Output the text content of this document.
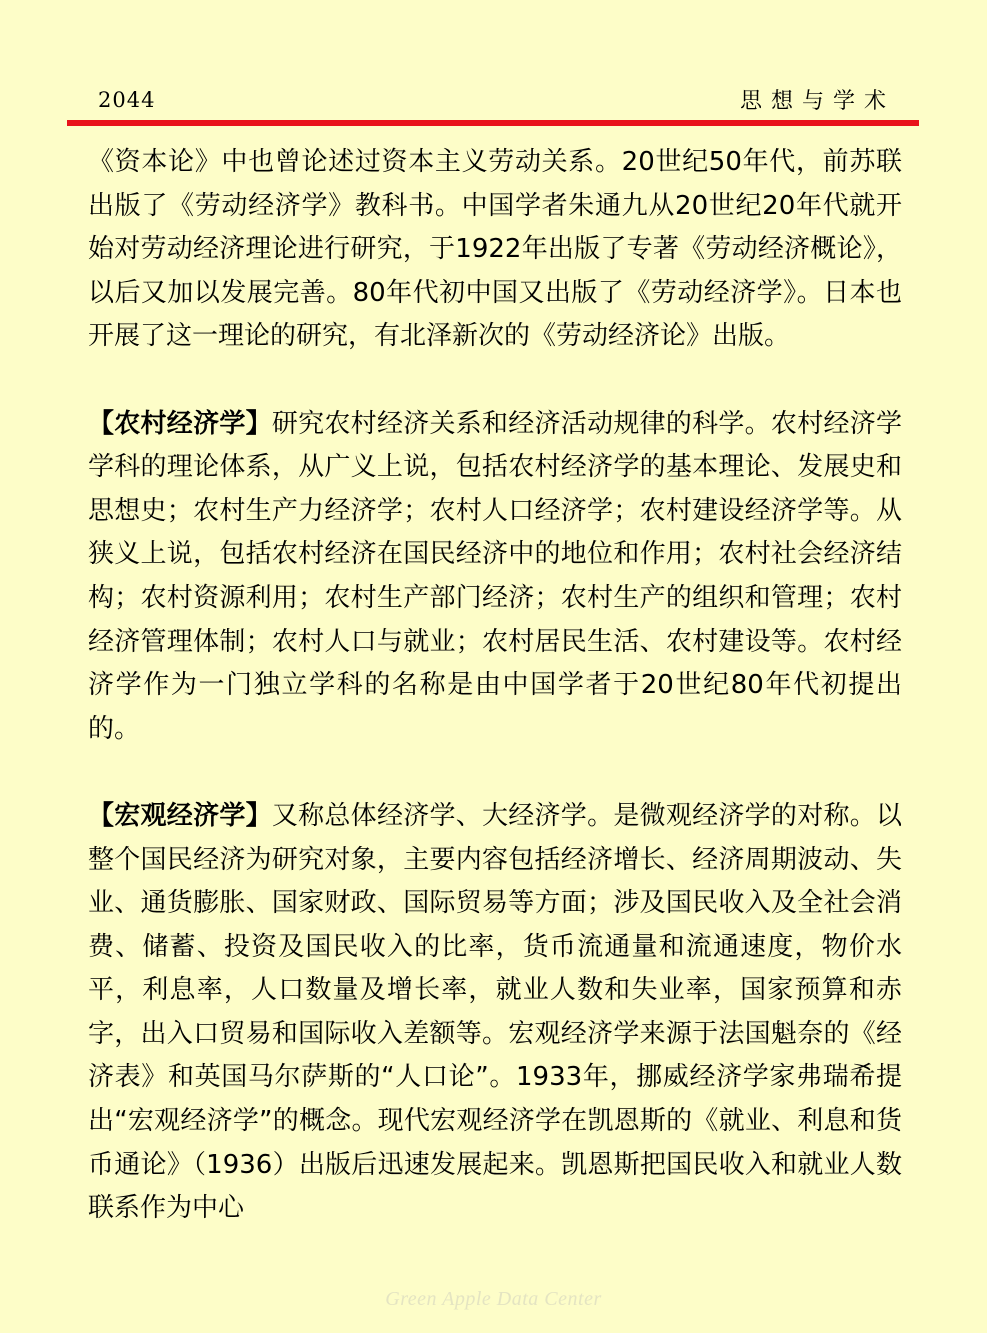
2044	思想与学术

《资本论》中也曾论述过资本主义劳动关系。20世纪50年代，前苏联出版了《劳动经济学》教科书。中国学者朱通九从20世纪20年代就开始对劳动经济理论进行研究，于1922年出版了专著《劳动经济概论》，以后又加以发展完善。80年代初中国又出版了《劳动经济学》。日本也开展了这一理论的研究，有北泽新次的《劳动经济论》出版。

【农村经济学】研究农村经济关系和经济活动规律的科学。农村经济学学科的理论体系，从广义上说，包括农村经济学的基本理论、发展史和思想史；农村生产力经济学；农村人口经济学；农村建设经济学等。从狭义上说，包括农村经济在国民经济中的地位和作用；农村社会经济结构；农村资源利用；农村生产部门经济；农村生产的组织和管理；农村经济管理体制；农村人口与就业；农村居民生活、农村建设等。农村经济学作为一门独立学科的名称是由中国学者于20世纪80年代初提出的。

【宏观经济学】又称总体经济学、大经济学。是微观经济学的对称。以整个国民经济为研究对象，主要内容包括经济增长、经济周期波动、失业、通货膨胀、国家财政、国际贸易等方面；涉及国民收入及全社会消费、储蓄、投资及国民收入的比率，货币流通量和流通速度，物价水平，利息率，人口数量及增长率，就业人数和失业率，国家预算和赤字，出入口贸易和国际收入差额等。宏观经济学来源于法国魁奈的《经济表》和英国马尔萨斯的“人口论”。1933年，挪威经济学家弗瑞希提出“宏观经济学”的概念。现代宏观经济学在凯恩斯的《就业、利息和货币通论》（1936）出版后迅速发展起来。凯恩斯把国民收入和就业人数联系作为中心

Green Apple Data Center
